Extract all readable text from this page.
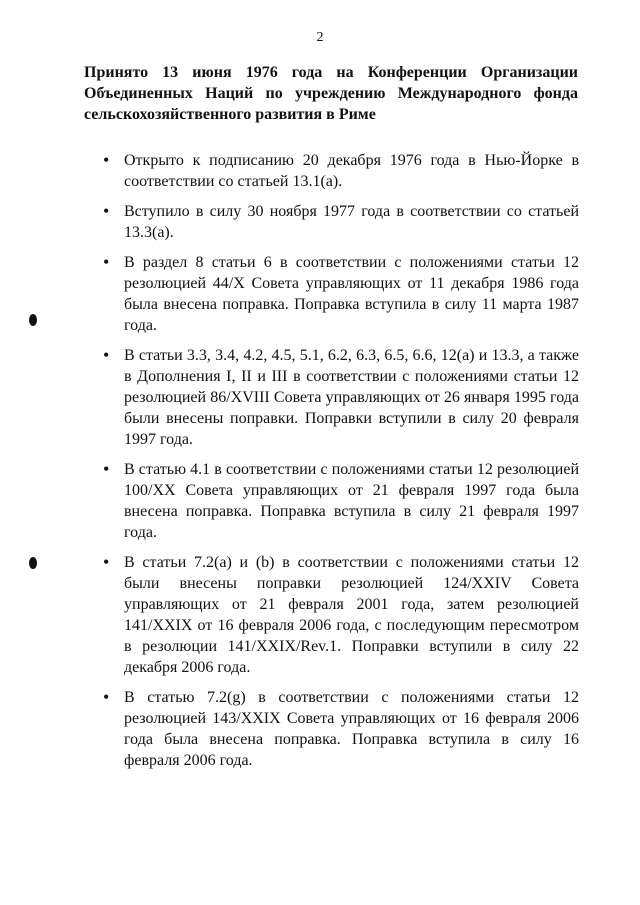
2

Принято 13 июня 1976 года на Конференции Организации Объединенных Наций по учреждению Международного фонда сельскохозяйственного развития в Риме

• Открыто к подписанию 20 декабря 1976 года в Нью-Йорке в соответствии со статьей 13.1(а).
• Вступило в силу 30 ноября 1977 года в соответствии со статьей 13.3(а).
• В раздел 8 статьи 6 в соответствии с положениями статьи 12 резолюцией 44/X Совета управляющих от 11 декабря 1986 года была внесена поправка. Поправка вступила в силу 11 марта 1987 года.
• В статьи 3.3, 3.4, 4.2, 4.5, 5.1, 6.2, 6.3, 6.5, 6.6, 12(а) и 13.3, а также в Дополнения I, II и III в соответствии с положениями статьи 12 резолюцией 86/XVIII Совета управляющих от 26 января 1995 года были внесены поправки. Поправки вступили в силу 20 февраля 1997 года.
• В статью 4.1 в соответствии с положениями статьи 12 резолюцией 100/XX Совета управляющих от 21 февраля 1997 года была внесена поправка. Поправка вступила в силу 21 февраля 1997 года.
• В статьи 7.2(а) и (b) в соответствии с положениями статьи 12 были внесены поправки резолюцией 124/XXIV Совета управляющих от 21 февраля 2001 года, затем резолюцией 141/XXIX от 16 февраля 2006 года, с последующим пересмотром в резолюции 141/XXIX/Rev.1. Поправки вступили в силу 22 декабря 2006 года.
• В статью 7.2(g) в соответствии с положениями статьи 12 резолюцией 143/XXIX Совета управляющих от 16 февраля 2006 года была внесена поправка. Поправка вступила в силу 16 февраля 2006 года.
